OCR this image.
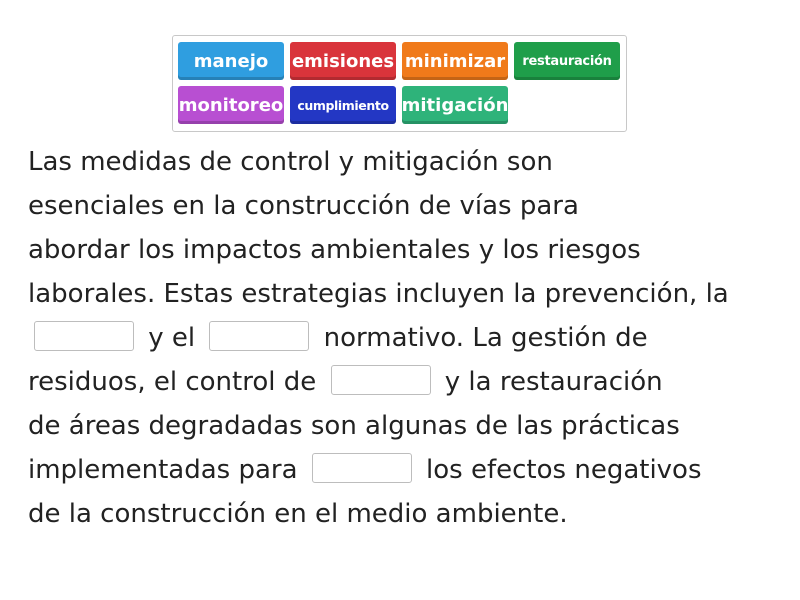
manejo	emisiones minimizar	restauración
monitoreo	cumplimiento mitigación
Las medidas de control y mitigación son
esenciales en la construcción de vías para
abordar los impactos ambientales y los riesgos
laborales. Estas estrategias incluyen la prevención, la
y el	normativo. La gestión de
residuos, el control de	y la restauración
de áreas degradadas son algunas de las prácticas
implementadas para	los efectos negativos
de la construcción en el medio ambiente.
